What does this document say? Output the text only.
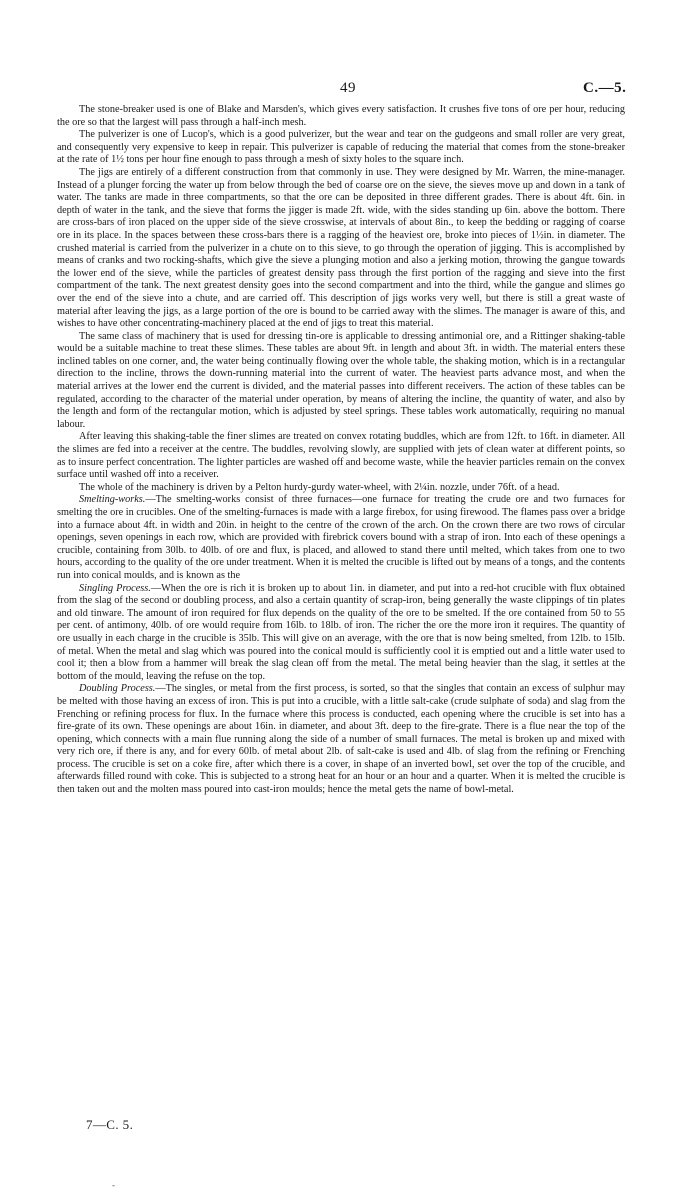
49	C.—5.

The stone-breaker used is one of Blake and Marsden's, which gives every satisfaction. It crushes five tons of ore per hour, reducing the ore so that the largest will pass through a half-inch mesh.

The pulverizer is one of Lucop's, which is a good pulverizer, but the wear and tear on the gudgeons and small roller are very great, and consequently very expensive to keep in repair. This pulverizer is capable of reducing the material that comes from the stone-breaker at the rate of 1½ tons per hour fine enough to pass through a mesh of sixty holes to the square inch.

The jigs are entirely of a different construction from that commonly in use. They were designed by Mr. Warren, the mine-manager. Instead of a plunger forcing the water up from below through the bed of coarse ore on the sieve, the sieves move up and down in a tank of water. The tanks are made in three compartments, so that the ore can be deposited in three different grades. There is about 4ft. 6in. in depth of water in the tank, and the sieve that forms the jigger is made 2ft. wide, with the sides standing up 6in. above the bottom. There are cross-bars of iron placed on the upper side of the sieve crosswise, at intervals of about 8in., to keep the bedding or ragging of coarse ore in its place. In the spaces between these cross-bars there is a ragging of the heaviest ore, broke into pieces of 1½in. in diameter. The crushed material is carried from the pulverizer in a chute on to this sieve, to go through the operation of jigging. This is accomplished by means of cranks and two rocking-shafts, which give the sieve a plunging motion and also a jerking motion, throwing the gangue towards the lower end of the sieve, while the particles of greatest density pass through the first portion of the ragging and sieve into the first compartment of the tank. The next greatest density goes into the second compartment and into the third, while the gangue and slimes go over the end of the sieve into a chute, and are carried off. This description of jigs works very well, but there is still a great waste of material after leaving the jigs, as a large portion of the ore is bound to be carried away with the slimes. The manager is aware of this, and wishes to have other concentrating-machinery placed at the end of jigs to treat this material.

The same class of machinery that is used for dressing tin-ore is applicable to dressing antimonial ore, and a Rittinger shaking-table would be a suitable machine to treat these slimes. These tables are about 9ft. in length and about 3ft. in width. The material enters these inclined tables on one corner, and, the water being continually flowing over the whole table, the shaking motion, which is in a rectangular direction to the incline, throws the down-running material into the current of water. The heaviest parts advance most, and when the material arrives at the lower end the current is divided, and the material passes into different receivers. The action of these tables can be regulated, according to the character of the material under operation, by means of altering the incline, the quantity of water, and also by the length and form of the rectangular motion, which is adjusted by steel springs. These tables work automatically, requiring no manual labour.

After leaving this shaking-table the finer slimes are treated on convex rotating buddles, which are from 12ft. to 16ft. in diameter. All the slimes are fed into a receiver at the centre. The buddles, revolving slowly, are supplied with jets of clean water at different points, so as to insure perfect concentration. The lighter particles are washed off and become waste, while the heavier particles remain on the convex surface until washed off into a receiver.

The whole of the machinery is driven by a Pelton hurdy-gurdy water-wheel, with 2¼in. nozzle, under 76ft. of a head.

Smelting-works.—The smelting-works consist of three furnaces—one furnace for treating the crude ore and two furnaces for smelting the ore in crucibles. One of the smelting-furnaces is made with a large firebox, for using firewood. The flames pass over a bridge into a furnace about 4ft. in width and 20in. in height to the centre of the crown of the arch. On the crown there are two rows of circular openings, seven openings in each row, which are provided with firebrick covers bound with a strap of iron. Into each of these openings a crucible, containing from 30lb. to 40lb. of ore and flux, is placed, and allowed to stand there until melted, which takes from one to two hours, according to the quality of the ore under treatment. When it is melted the crucible is lifted out by means of a tongs, and the contents run into conical moulds, and is known as the

Singling Process.—When the ore is rich it is broken up to about 1in. in diameter, and put into a red-hot crucible with flux obtained from the slag of the second or doubling process, and also a certain quantity of scrap-iron, being generally the waste clippings of tin plates and old tinware. The amount of iron required for flux depends on the quality of the ore to be smelted. If the ore contained from 50 to 55 per cent. of antimony, 40lb. of ore would require from 16lb. to 18lb. of iron. The richer the ore the more iron it requires. The quantity of ore usually in each charge in the crucible is 35lb. This will give on an average, with the ore that is now being smelted, from 12lb. to 15lb. of metal. When the metal and slag which was poured into the conical mould is sufficiently cool it is emptied out and a little water used to cool it; then a blow from a hammer will break the slag clean off from the metal. The metal being heavier than the slag, it settles at the bottom of the mould, leaving the refuse on the top.

Doubling Process.—The singles, or metal from the first process, is sorted, so that the singles that contain an excess of sulphur may be melted with those having an excess of iron. This is put into a crucible, with a little salt-cake (crude sulphate of soda) and slag from the Frenching or refining process for flux. In the furnace where this process is conducted, each opening where the crucible is set into has a fire-grate of its own. These openings are about 16in. in diameter, and about 3ft. deep to the fire-grate. There is a flue near the top of the opening, which connects with a main flue running along the side of a number of small furnaces. The metal is broken up and mixed with very rich ore, if there is any, and for every 60lb. of metal about 2lb. of salt-cake is used and 4lb. of slag from the refining or Frenching process. The crucible is set on a coke fire, after which there is a cover, in shape of an inverted bowl, set over the top of the crucible, and afterwards filled round with coke. This is subjected to a strong heat for an hour or an hour and a quarter. When it is melted the crucible is then taken out and the molten mass poured into cast-iron moulds; hence the metal gets the name of bowl-metal.

7—C. 5.
-
